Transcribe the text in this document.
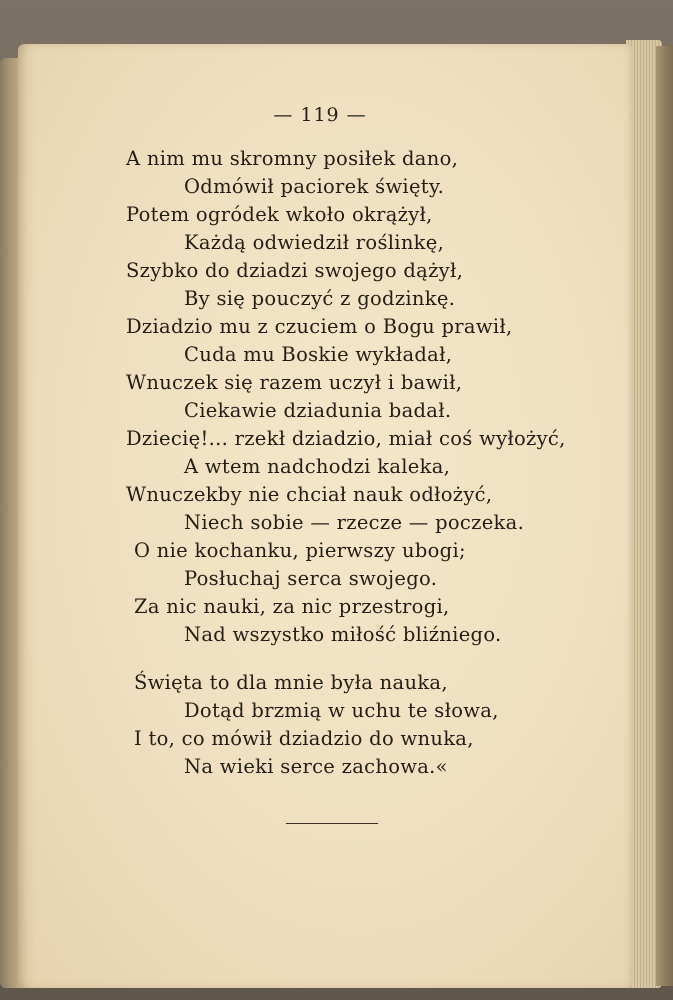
— 119 —
A nim mu skromny posiłek dano,
Odmówił paciorek święty.
Potem ogródek wkoło okrążył,
Każdą odwiedził roślinkę,
Szybko do dziadzi swojego dążył,
By się pouczyć z godzinkę.
Dziadzio mu z czuciem o Bogu prawił,
Cuda mu Boskie wykładał,
Wnuczek się razem uczył i bawił,
Ciekawie dziadunia badał.
Dziecię!... rzekł dziadzio, miał coś wyłożyć,
A wtem nadchodzi kaleka,
Wnuczekby nie chciał nauk odłożyć,
Niech sobie — rzecze — poczeka.
O nie kochanku, pierwszy ubogi;
Posłuchaj serca swojego.
Za nic nauki, za nic przestrogi,
Nad wszystko miłość bliźniego.
Święta to dla mnie była nauka,
Dotąd brzmią w uchu te słowa,
I to, co mówił dziadzio do wnuka,
Na wieki serce zachowa.«
